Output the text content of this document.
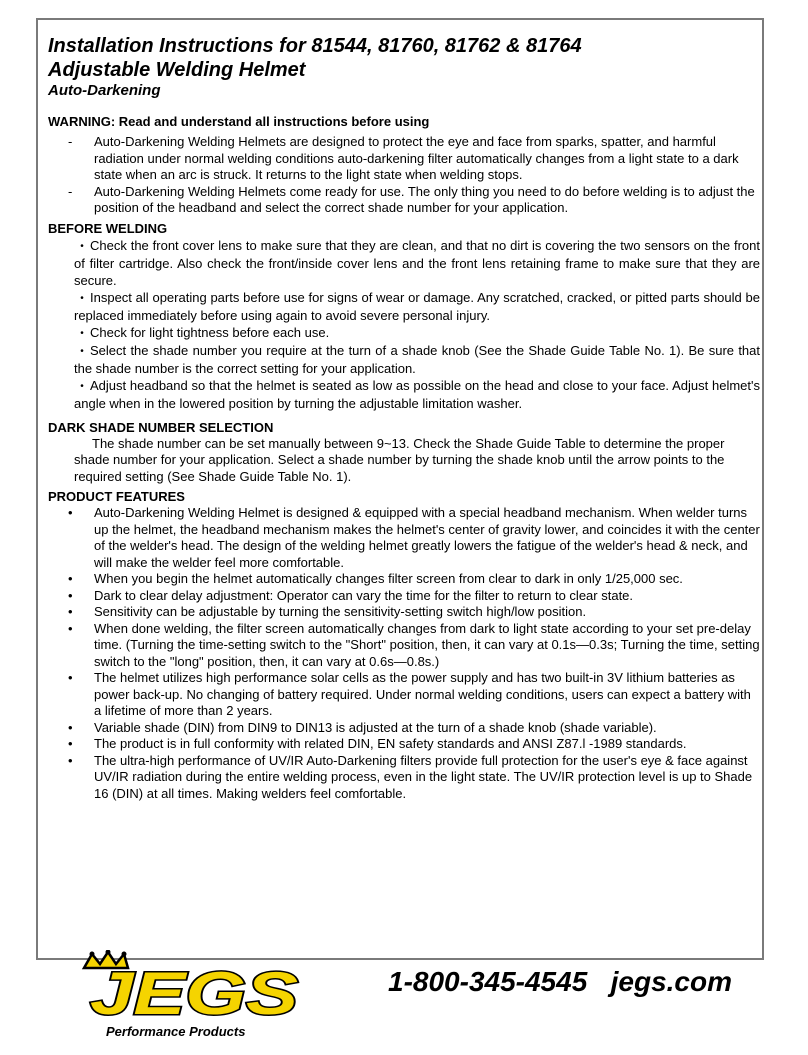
Installation Instructions for 81544, 81760, 81762 & 81764
Adjustable Welding Helmet
Auto-Darkening
WARNING: Read and understand all instructions before using
- Auto-Darkening Welding Helmets are designed to protect the eye and face from sparks, spatter, and harmful radiation under normal welding conditions auto-darkening filter automatically changes from a light state to a dark state when an arc is struck. It returns to the light state when welding stops.
- Auto-Darkening Welding Helmets come ready for use. The only thing you need to do before welding is to adjust the position of the headband and select the correct shade number for your application.
BEFORE WELDING
• Check the front cover lens to make sure that they are clean, and that no dirt is covering the two sensors on the front of filter cartridge. Also check the front/inside cover lens and the front lens retaining frame to make sure that they are secure.
• Inspect all operating parts before use for signs of wear or damage. Any scratched, cracked, or pitted parts should be replaced immediately before using again to avoid severe personal injury.
• Check for light tightness before each use.
• Select the shade number you require at the turn of a shade knob (See the Shade Guide Table No. 1). Be sure that the shade number is the correct setting for your application.
• Adjust headband so that the helmet is seated as low as possible on the head and close to your face. Adjust helmet's angle when in the lowered position by turning the adjustable limitation washer.
DARK SHADE NUMBER SELECTION

The shade number can be set manually between 9~13. Check the Shade Guide Table to determine the proper shade number for your application. Select a shade number by turning the shade knob until the arrow points to the required setting (See Shade Guide Table No. 1).

PRODUCT FEATURES
• Auto-Darkening Welding Helmet is designed & equipped with a special headband mechanism. When welder turns up the helmet, the headband mechanism makes the helmet's center of gravity lower, and coincides it with the center of the welder's head. The design of the welding helmet greatly lowers the fatigue of the welder's head & neck, and will make the welder feel more comfortable.
• When you begin the helmet automatically changes filter screen from clear to dark in only 1/25,000 sec.
• Dark to clear delay adjustment: Operator can vary the time for the filter to return to clear state.
• Sensitivity can be adjustable by turning the sensitivity-setting switch high/low position.
• When done welding, the filter screen automatically changes from dark to light state according to your set pre-delay time. (Turning the time-setting switch to the "Short" position, then, it can vary at 0.1s—0.3s; Turning the time, setting switch to the "long" position, then, it can vary at 0.6s—0.8s.)
• The helmet utilizes high performance solar cells as the power supply and has two built-in 3V lithium batteries as power back-up. No changing of battery required. Under normal welding conditions, users can expect a battery with a lifetime of more than 2 years.
• Variable shade (DIN) from DIN9 to DIN13 is adjusted at the turn of a shade knob (shade variable).
• The product is in full conformity with related DIN, EN safety standards and ANSI Z87.l -1989 standards.
• The ultra-high performance of UV/IR Auto-Darkening filters provide full protection for the user's eye & face against UV/IR radiation during the entire welding process, even in the light state. The UV/IR protection level is up to Shade 16 (DIN) at all times. Making welders feel comfortable.
JEGS
Performance Products
1-800-345-4545 jegs.com
